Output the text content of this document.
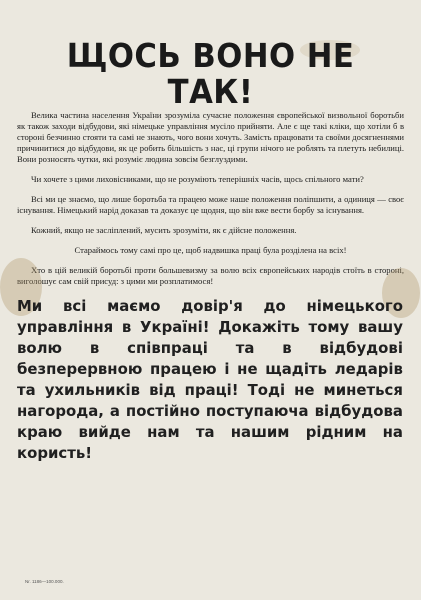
ЩОСЬ ВОНО НЕ ТАК!

Велика частина населення України зрозуміла сучасне положення європейської визвольної боротьби як також заходи відбудови, які німецьке управління мусіло прийняти. Але є ще такі кліки, що хотіли б в стороні безчинно стояти та самі не знають, чого вони хочуть. Замість працювати та своїми досягненнями причинитися до відбудови, як це робить більшість з нас, ці групи нічого не роблять та плетуть небилиці. Вони розносять чутки, які розуміє людина зовсім безглуздими.

Чи хочете з цими лиховісниками, що не розуміють теперішніх часів, щось спільного мати?

Всі ми це знаємо, що лише боротьба та працею може наше положення поліпшити, а одиниця — своє існування. Німецький нарід доказав та доказує це щодня, що він вже вести борбу за існування.

Кожний, якщо не засліплений, мусить зрозуміти, як є дійсне положення.

Стараймось тому самі про це, щоб надвишка праці була розділена на всіх!

Хто в цій великій боротьбі проти большевизму за волю всіх європейських народів стоїть в стороні, виголошує сам свій присуд: з цими ми розплатимося!

Ми всі маємо довір'я до німецького управління в Україні! Докажіть тому вашу волю в співпраці та в відбудові безперервною працею і не щадіть ледарів та ухильників від праці! Тоді не минеться нагорода, а постійно поступаюча відбудова краю вийде нам та нашим рідним на користь!

Nr. 1186—100.000.
